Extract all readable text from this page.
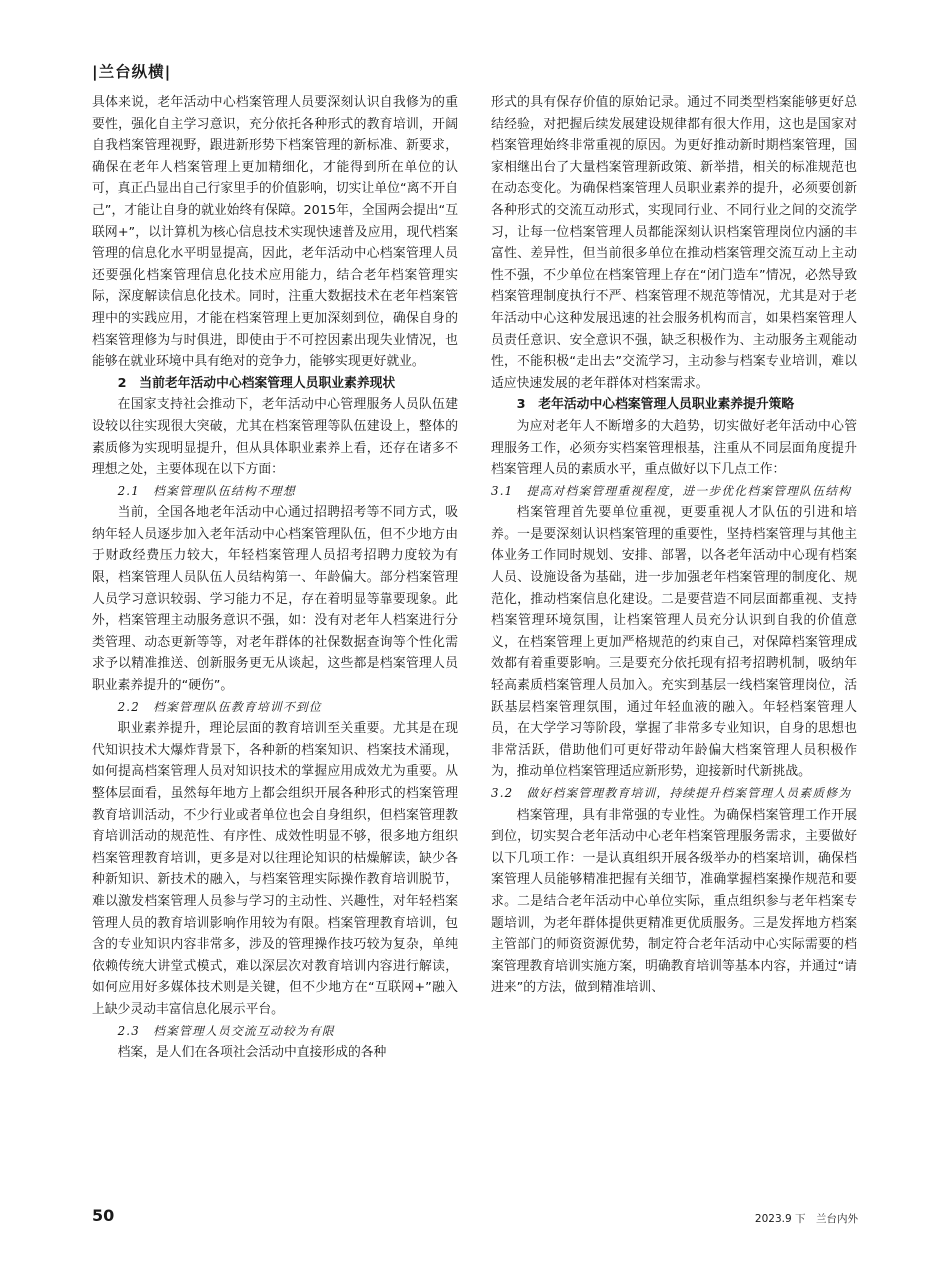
|兰台纵横|

具体来说，老年活动中心档案管理人员要深刻认识自我修为的重要性，强化自主学习意识，充分依托各种形式的教育培训，开阔自我档案管理视野，跟进新形势下档案管理的新标准、新要求，确保在老年人档案管理上更加精细化，才能得到所在单位的认可，真正凸显出自己行家里手的价值影响，切实让单位“离不开自己”，才能让自身的就业始终有保障。2015年，全国两会提出“互联网+”，以计算机为核心信息技术实现快速普及应用，现代档案管理的信息化水平明显提高，因此，老年活动中心档案管理人员还要强化档案管理信息化技术应用能力，结合老年档案管理实际，深度解读信息化技术。同时，注重大数据技术在老年档案管理中的实践应用，才能在档案管理上更加深刻到位，确保自身的档案管理修为与时俱进，即使由于不可控因素出现失业情况，也能够在就业环境中具有绝对的竞争力，能够实现更好就业。

2　当前老年活动中心档案管理人员职业素养现状

在国家支持社会推动下，老年活动中心管理服务人员队伍建设较以往实现很大突破，尤其在档案管理等队伍建设上，整体的素质修为实现明显提升，但从具体职业素养上看，还存在诸多不理想之处，主要体现在以下方面：

2.1　档案管理队伍结构不理想

当前，全国各地老年活动中心通过招聘招考等不同方式，吸纳年轻人员逐步加入老年活动中心档案管理队伍，但不少地方由于财政经费压力较大，年轻档案管理人员招考招聘力度较为有限，档案管理人员队伍人员结构第一、年龄偏大。部分档案管理人员学习意识较弱、学习能力不足，存在着明显等靠要现象。此外，档案管理主动服务意识不强，如：没有对老年人档案进行分类管理、动态更新等等，对老年群体的社保数据查询等个性化需求予以精准推送、创新服务更无从谈起，这些都是档案管理人员职业素养提升的“硬伤”。

2.2　档案管理队伍教育培训不到位

职业素养提升，理论层面的教育培训至关重要。尤其是在现代知识技术大爆炸背景下，各种新的档案知识、档案技术涌现，如何提高档案管理人员对知识技术的掌握应用成效尤为重要。从整体层面看，虽然每年地方上都会组织开展各种形式的档案管理教育培训活动，不少行业或者单位也会自身组织，但档案管理教育培训活动的规范性、有序性、成效性明显不够，很多地方组织档案管理教育培训，更多是对以往理论知识的枯燥解读，缺少各种新知识、新技术的融入，与档案管理实际操作教育培训脱节，难以激发档案管理人员参与学习的主动性、兴趣性，对年轻档案管理人员的教育培训影响作用较为有限。档案管理教育培训，包含的专业知识内容非常多，涉及的管理操作技巧较为复杂，单纯依赖传统大讲堂式模式，难以深层次对教育培训内容进行解读，如何应用好多媒体技术则是关键，但不少地方在“互联网+”融入上缺少灵动丰富信息化展示平台。

2.3　档案管理人员交流互动较为有限

档案，是人们在各项社会活动中直接形成的各种

形式的具有保存价值的原始记录。通过不同类型档案能够更好总结经验，对把握后续发展建设规律都有很大作用，这也是国家对档案管理始终非常重视的原因。为更好推动新时期档案管理，国家相继出台了大量档案管理新政策、新举措，相关的标准规范也在动态变化。为确保档案管理人员职业素养的提升，必须要创新各种形式的交流互动形式，实现同行业、不同行业之间的交流学习，让每一位档案管理人员都能深刻认识档案管理岗位内涵的丰富性、差异性，但当前很多单位在推动档案管理交流互动上主动性不强，不少单位在档案管理上存在“闭门造车”情况，必然导致档案管理制度执行不严、档案管理不规范等情况，尤其是对于老年活动中心这种发展迅速的社会服务机构而言，如果档案管理人员责任意识、安全意识不强，缺乏积极作为、主动服务主观能动性，不能积极“走出去”交流学习，主动参与档案专业培训，难以适应快速发展的老年群体对档案需求。

3　老年活动中心档案管理人员职业素养提升策略

为应对老年人不断增多的大趋势，切实做好老年活动中心管理服务工作，必须夯实档案管理根基，注重从不同层面角度提升档案管理人员的素质水平，重点做好以下几点工作：

3.1　提高对档案管理重视程度，进一步优化档案管理队伍结构

档案管理首先要单位重视，更要重视人才队伍的引进和培养。一是要深刻认识档案管理的重要性，坚持档案管理与其他主体业务工作同时规划、安排、部署，以各老年活动中心现有档案人员、设施设备为基础，进一步加强老年档案管理的制度化、规范化，推动档案信息化建设。二是要营造不同层面都重视、支持档案管理环境氛围，让档案管理人员充分认识到自我的价值意义，在档案管理上更加严格规范的约束自己，对保障档案管理成效都有着重要影响。三是要充分依托现有招考招聘机制，吸纳年轻高素质档案管理人员加入。充实到基层一线档案管理岗位，活跃基层档案管理氛围，通过年轻血液的融入。年轻档案管理人员，在大学学习等阶段，掌握了非常多专业知识，自身的思想也非常活跃，借助他们可更好带动年龄偏大档案管理人员积极作为，推动单位档案管理适应新形势，迎接新时代新挑战。

3.2　做好档案管理教育培训，持续提升档案管理人员素质修为

档案管理，具有非常强的专业性。为确保档案管理工作开展到位，切实契合老年活动中心老年档案管理服务需求，主要做好以下几项工作：一是认真组织开展各级举办的档案培训，确保档案管理人员能够精准把握有关细节，准确掌握档案操作规范和要求。二是结合老年活动中心单位实际，重点组织参与老年档案专题培训，为老年群体提供更精准更优质服务。三是发挥地方档案主管部门的师资资源优势，制定符合老年活动中心实际需要的档案管理教育培训实施方案，明确教育培训等基本内容，并通过“请进来”的方法，做到精准培训、

50	2023.9 下　兰台内外
